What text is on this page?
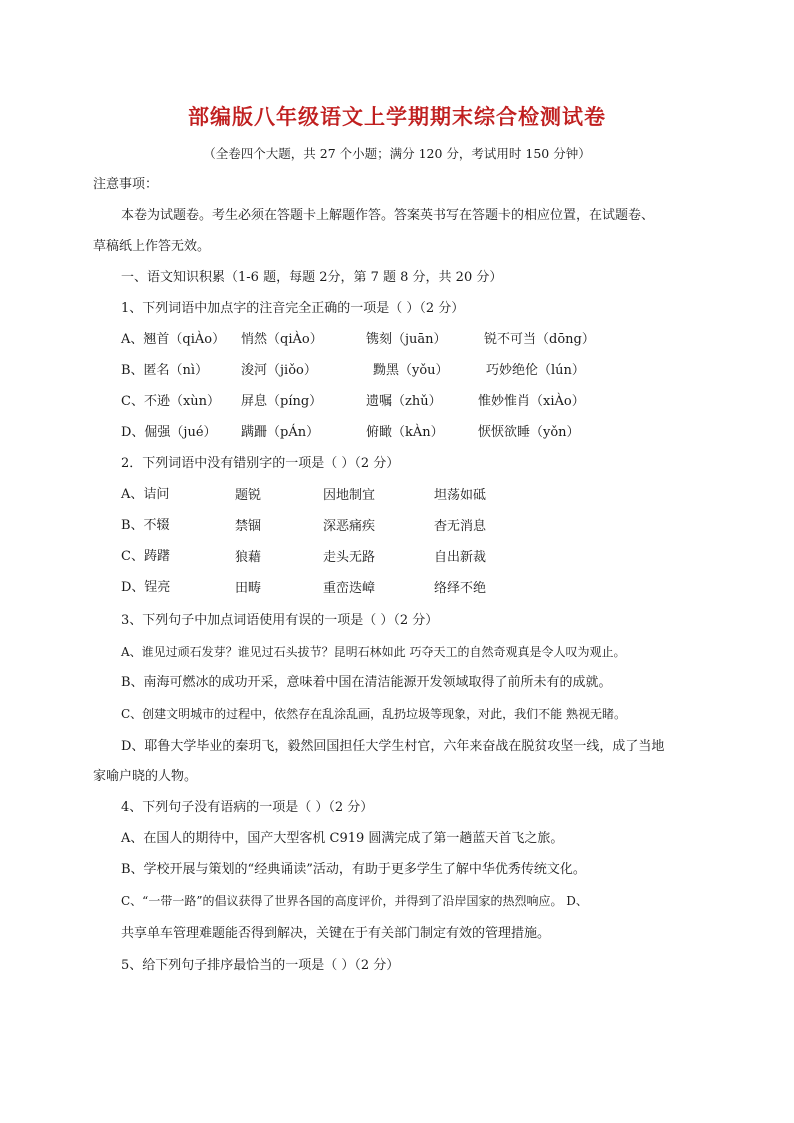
部编版八年级语文上学期期末综合检测试卷
（全卷四个大题，共 27 个小题；满分 120 分，考试用时 150 分钟）
注意事项：
本卷为试题卷。考生必须在答题卡上解题作答。答案英书写在答题卡的相应位置，在试题卷、
草稿纸上作答无效。
一、语文知识积累（1-6 题，每题 2分，第 7 题 8 分，共 20 分）
1、下列词语中加点字的注音完全正确的一项是（ ）（2 分）
A、翘首（qiÀo） 悄然（qiÀo）	镌刻（juān）	锐不可当（dōng）
B、匿名（nì）	浚河（jiǒo）	黝黑（yǒu）	巧妙绝伦（lún）
C、不逊（xùn） 屏息（píng）	遗嘱（zhǔ）	惟妙惟肖（xiÀo）
D、倔强（jué） 蹒跚（pÁn）	俯瞰（kÀn）	恹恹欲睡（yǒn）
2．下列词语中没有错别字的一项是（ ）（2 分）
A、诘问	题锐	因地制宜	坦荡如砥
B、不辍	禁锢	深恶痛疾	杳无消息
C、踌躇	狼藉	走头无路	自出新裁
D、锃亮	田畴	重峦迭嶂	络绎不绝
3、下列句子中加点词语使用有误的一项是（ ）（2 分）
A、谁见过顽石发芽？谁见过石头拔节？昆明石林如此 巧夺天工的自然奇观真是令人叹为观止。
B、南海可燃冰的成功开采，意味着中国在清洁能源开发领域取得了前所未有的成就。
C、创建文明城市的过程中，依然存在乱涂乱画，乱扔垃圾等现象，对此，我们不能 熟视无睹。
D、耶鲁大学毕业的秦玥飞，毅然回国担任大学生村官，六年来奋战在脱贫攻坚一线，成了当地
家喻户晓的人物。
4、下列句子没有语病的一项是（ ）（2 分）
A、在国人的期待中，国产大型客机 C919 圆满完成了第一趟蓝天首飞之旅。
B、学校开展与策划的“经典诵读”活动，有助于更多学生了解中华优秀传统文化。
C、“一带一路”的倡议获得了世界各国的高度评价，并得到了沿岸国家的热烈响应。 D、
共享单车管理难题能否得到解决，关键在于有关部门制定有效的管理措施。
5、给下列句子排序最恰当的一项是（ ）（2 分）
